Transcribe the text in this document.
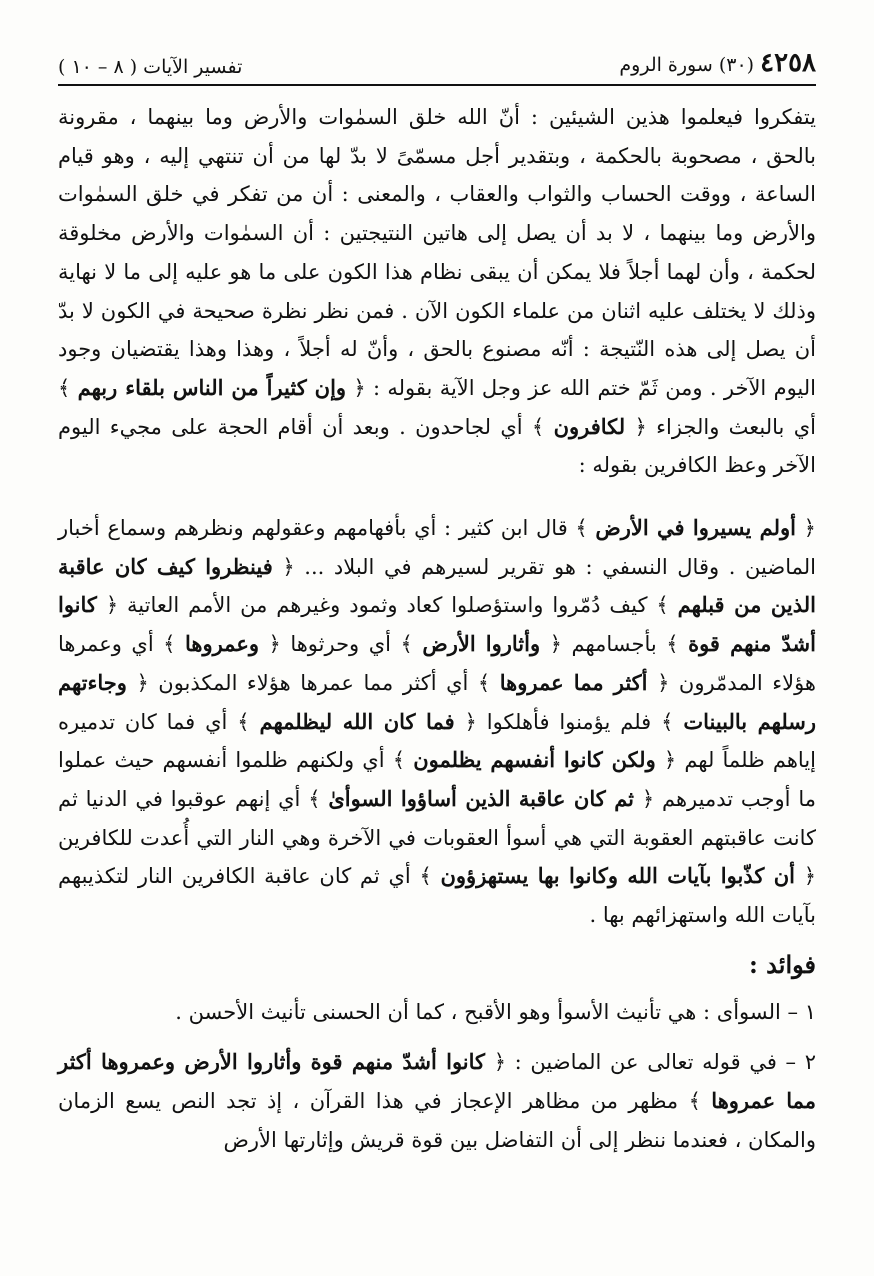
٤٢٥٨ (٣٠) سورة الروم
تفسير الآيات ( ٨ – ١٠ )

يتفكروا فيعلموا هذين الشيئين : أنّ الله خلق السمٰوات والأرض وما بينهما ، مقرونة بالحق ، مصحوبة بالحكمة ، وبتقدير أجل مسمّىً لا بدّ لها من أن تنتهي إليه ، وهو قيام الساعة ، ووقت الحساب والثواب والعقاب ، والمعنى : أن من تفكر في خلق السمٰوات والأرض وما بينهما ، لا بد أن يصل إلى هاتين النتيجتين : أن السمٰوات والأرض مخلوقة لحكمة ، وأن لهما أجلاً فلا يمكن أن يبقى نظام هذا الكون على ما هو عليه إلى ما لا نهاية وذلك لا يختلف عليه اثنان من علماء الكون الآن . فمن نظر نظرة صحيحة في الكون لا بدّ أن يصل إلى هذه النّتيجة : أنّه مصنوع بالحق ، وأنّ له أجلاً ، وهذا وهذا يقتضيان وجود اليوم الآخر . ومن ثَمّ ختم الله عز وجل الآية بقوله : ﴿ وإن كثيراً من الناس بلقاء ربهم ﴾ أي بالبعث والجزاء ﴿ لكافرون ﴾ أي لجاحدون . وبعد أن أقام الحجة على مجيء اليوم الآخر وعظ الكافرين بقوله :

﴿ أولم يسيروا في الأرض ﴾ قال ابن كثير : أي بأفهامهم وعقولهم ونظرهم وسماع أخبار الماضين . وقال النسفي : هو تقرير لسيرهم في البلاد ... ﴿ فينظروا كيف كان عاقبة الذين من قبلهم ﴾ كيف دُمّروا واستؤصلوا كعاد وثمود وغيرهم من الأمم العاتية ﴿ كانوا أشدّ منهم قوة ﴾ بأجسامهم ﴿ وأثاروا الأرض ﴾ أي وحرثوها ﴿ وعمروها ﴾ أي وعمرها هؤلاء المدمّرون ﴿ أكثر مما عمروها ﴾ أي أكثر مما عمرها هؤلاء المكذبون ﴿ وجاءتهم رسلهم بالبينات ﴾ فلم يؤمنوا فأهلكوا ﴿ فما كان الله ليظلمهم ﴾ أي فما كان تدميره إياهم ظلماً لهم ﴿ ولكن كانوا أنفسهم يظلمون ﴾ أي ولكنهم ظلموا أنفسهم حيث عملوا ما أوجب تدميرهم ﴿ ثم كان عاقبة الذين أساؤوا السوأىٰ ﴾ أي إنهم عوقبوا في الدنيا ثم كانت عاقبتهم العقوبة التي هي أسوأ العقوبات في الآخرة وهي النار التي أُعدت للكافرين ﴿ أن كذّبوا بآيات الله وكانوا بها يستهزؤون ﴾ أي ثم كان عاقبة الكافرين النار لتكذيبهم بآيات الله واستهزائهم بها .

فوائد :

١ – السوأى : هي تأنيث الأسوأ وهو الأقبح ، كما أن الحسنى تأنيث الأحسن .

٢ – في قوله تعالى عن الماضين : ﴿ كانوا أشدّ منهم قوة وأثاروا الأرض وعمروها أكثر مما عمروها ﴾ مظهر من مظاهر الإعجاز في هذا القرآن ، إذ تجد النص يسع الزمان والمكان ، فعندما ننظر إلى أن التفاضل بين قوة قريش وإثارتها الأرض
